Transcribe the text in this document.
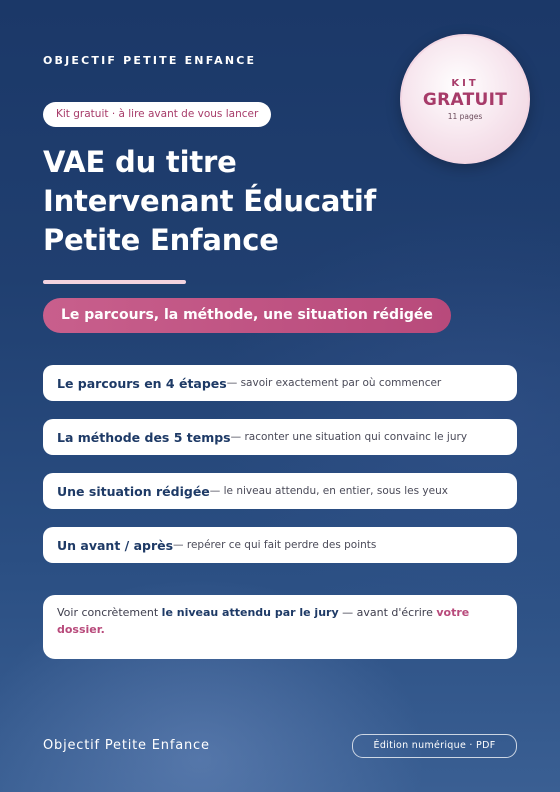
OBJECTIF PETITE ENFANCE
KIT
GRATUIT
11 pages
Kit gratuit · à lire avant de vous lancer
VAE du titre
Intervenant Éducatif
Petite Enfance
Le parcours, la méthode, une situation rédigée
Le parcours en 4 étapes — savoir exactement par où commencer
La méthode des 5 temps — raconter une situation qui convainc le jury
Une situation rédigée — le niveau attendu, en entier, sous les yeux
Un avant / après — repérer ce qui fait perdre des points
Voir concrètement le niveau attendu par le jury — avant d'écrire votre dossier.
Objectif Petite Enfance	Édition numérique · PDF
